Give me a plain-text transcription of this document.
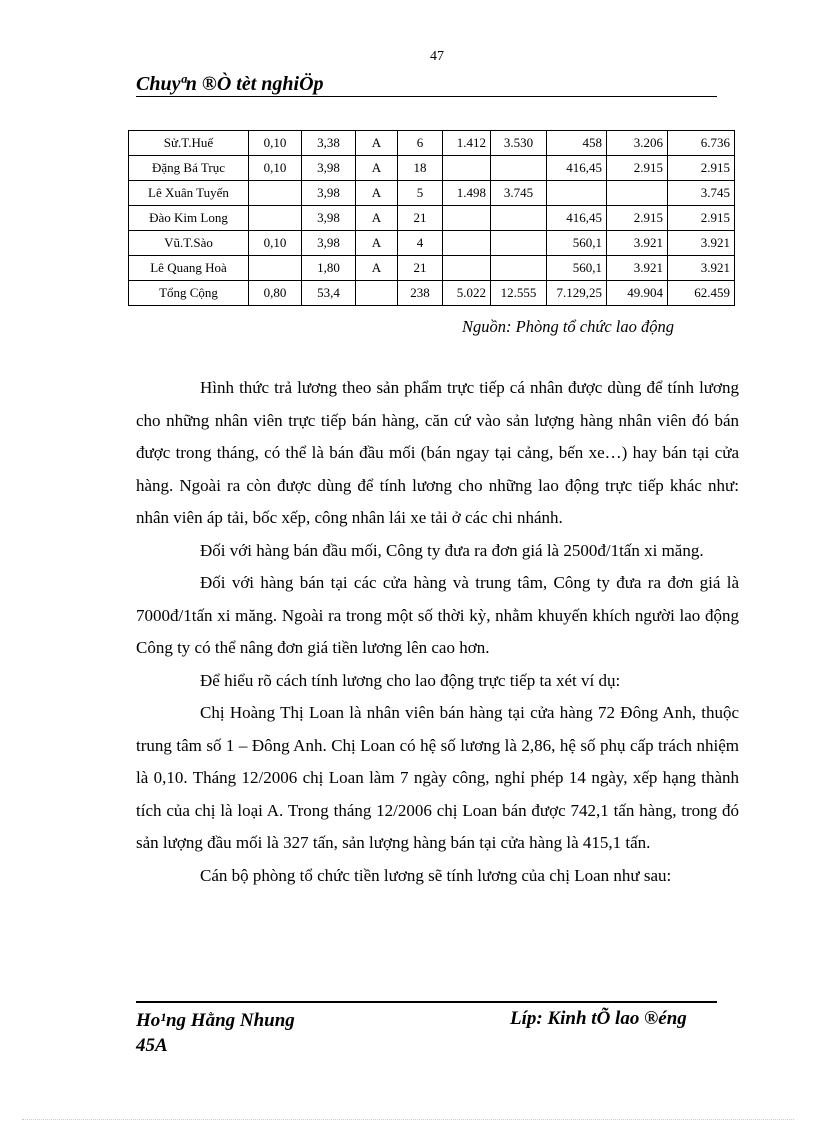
47
Chuyªn ®Ò tèt nghiÖp
Sử.T.Huế	0,10	3,38	A	6	1.412	3.530	458	3.206	6.736
Đặng Bá Trục	0,10	3,98	A	18			416,45	2.915	2.915
Lê Xuân Tuyến		3,98	A	5	1.498	3.745			3.745
Đào Kim Long		3,98	A	21			416,45	2.915	2.915
Vũ.T.Sào	0,10	3,98	A	4			560,1	3.921	3.921
Lê Quang Hoà		1,80	A	21			560,1	3.921	3.921
Tổng Cộng	0,80	53,4		238	5.022	12.555	7.129,25	49.904	62.459
Nguồn: Phòng tổ chức lao động

Hình thức trả lương theo sản phẩm trực tiếp cá nhân được dùng để tính lương cho những nhân viên trực tiếp bán hàng, căn cứ vào sản lượng hàng nhân viên đó bán được trong tháng, có thể là bán đầu mối (bán ngay tại cảng, bến xe…) hay bán tại cửa hàng. Ngoài ra còn được dùng để tính lương cho những lao động trực tiếp khác như: nhân viên áp tải, bốc xếp, công nhân lái xe tải ở các chi nhánh.

Đối với hàng bán đầu mối, Công ty đưa ra đơn giá là 2500đ/1tấn xi măng.

Đối với hàng bán tại các cửa hàng và trung tâm, Công ty đưa ra đơn giá là 7000đ/1tấn xi măng. Ngoài ra trong một số thời kỳ, nhằm khuyến khích người lao động Công ty có thể nâng đơn giá tiền lương lên cao hơn.

Để hiểu rõ cách tính lương cho lao động trực tiếp ta xét ví dụ:

Chị Hoàng Thị Loan là nhân viên bán hàng tại cửa hàng 72 Đông Anh, thuộc trung tâm số 1 – Đông Anh. Chị Loan có hệ số lương là 2,86, hệ số phụ cấp trách nhiệm là 0,10. Tháng 12/2006 chị Loan làm 7 ngày công, nghỉ phép 14 ngày, xếp hạng thành tích của chị là loại A. Trong tháng 12/2006 chị Loan bán được 742,1 tấn hàng, trong đó sản lượng đầu mối là 327 tấn, sản lượng hàng bán tại cửa hàng là 415,1 tấn.

Cán bộ phòng tổ chức tiền lương sẽ tính lương của chị Loan như sau:

Ho¹ng Hằng Nhung
45A
Líp: Kinh tÕ lao ®éng
